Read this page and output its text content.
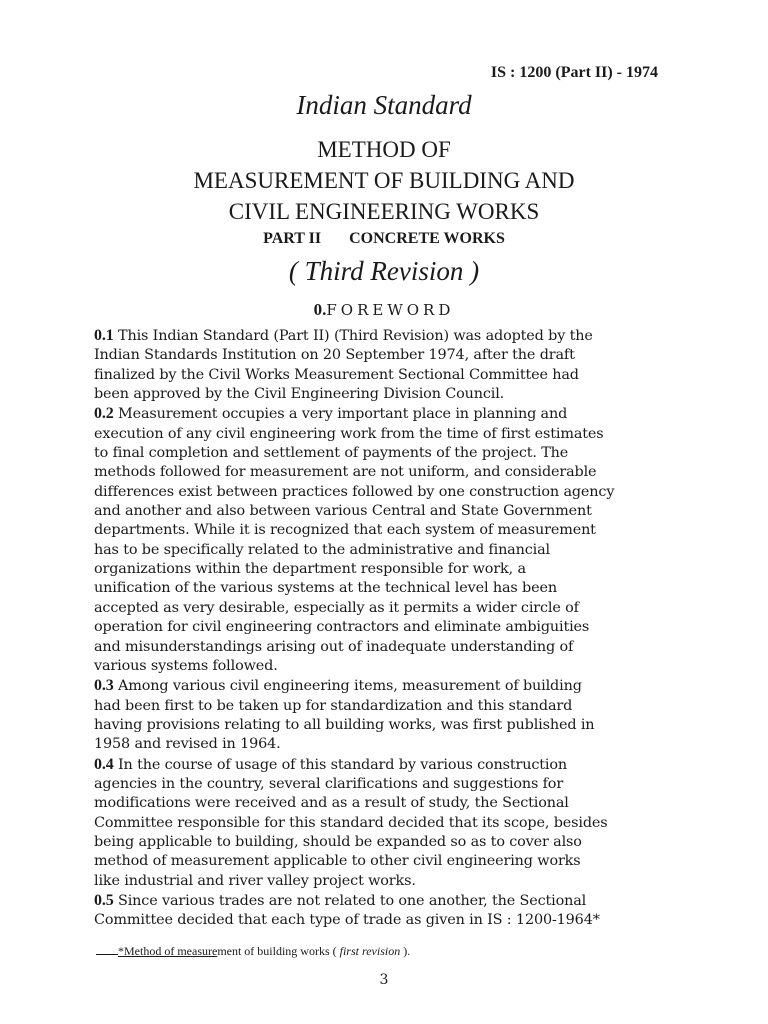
IS : 1200 (Part II) - 1974
Indian Standard
METHOD OF
MEASUREMENT OF BUILDING AND
CIVIL ENGINEERING WORKS
PART II CONCRETE WORKS
( Third Revision )
0.FOREWORD

0.1 This Indian Standard (Part II) (Third Revision) was adopted by the
Indian Standards Institution on 20 September 1974, after the draft
finalized by the Civil Works Measurement Sectional Committee had
been approved by the Civil Engineering Division Council.

0.2 Measurement occupies a very important place in planning and
execution of any civil engineering work from the time of first estimates
to final completion and settlement of payments of the project. The
methods followed for measurement are not uniform, and considerable
differences exist between practices followed by one construction agency
and another and also between various Central and State Government
departments. While it is recognized that each system of measurement
has to be specifically related to the administrative and financial
organizations within the department responsible for work, a
unification of the various systems at the technical level has been
accepted as very desirable, especially as it permits a wider circle of
operation for civil engineering contractors and eliminate ambiguities
and misunderstandings arising out of inadequate understanding of
various systems followed.

0.3 Among various civil engineering items, measurement of building
had been first to be taken up for standardization and this standard
having provisions relating to all building works, was first published in
1958 and revised in 1964.

0.4 In the course of usage of this standard by various construction
agencies in the country, several clarifications and suggestions for
modifications were received and as a result of study, the Sectional
Committee responsible for this standard decided that its scope, besides
being applicable to building, should be expanded so as to cover also
method of measurement applicable to other civil engineering works
like industrial and river valley project works.

0.5 Since various trades are not related to one another, the Sectional
Committee decided that each type of trade as given in IS : 1200-1964*

*Method of measurement of building works ( first revision ).
3
